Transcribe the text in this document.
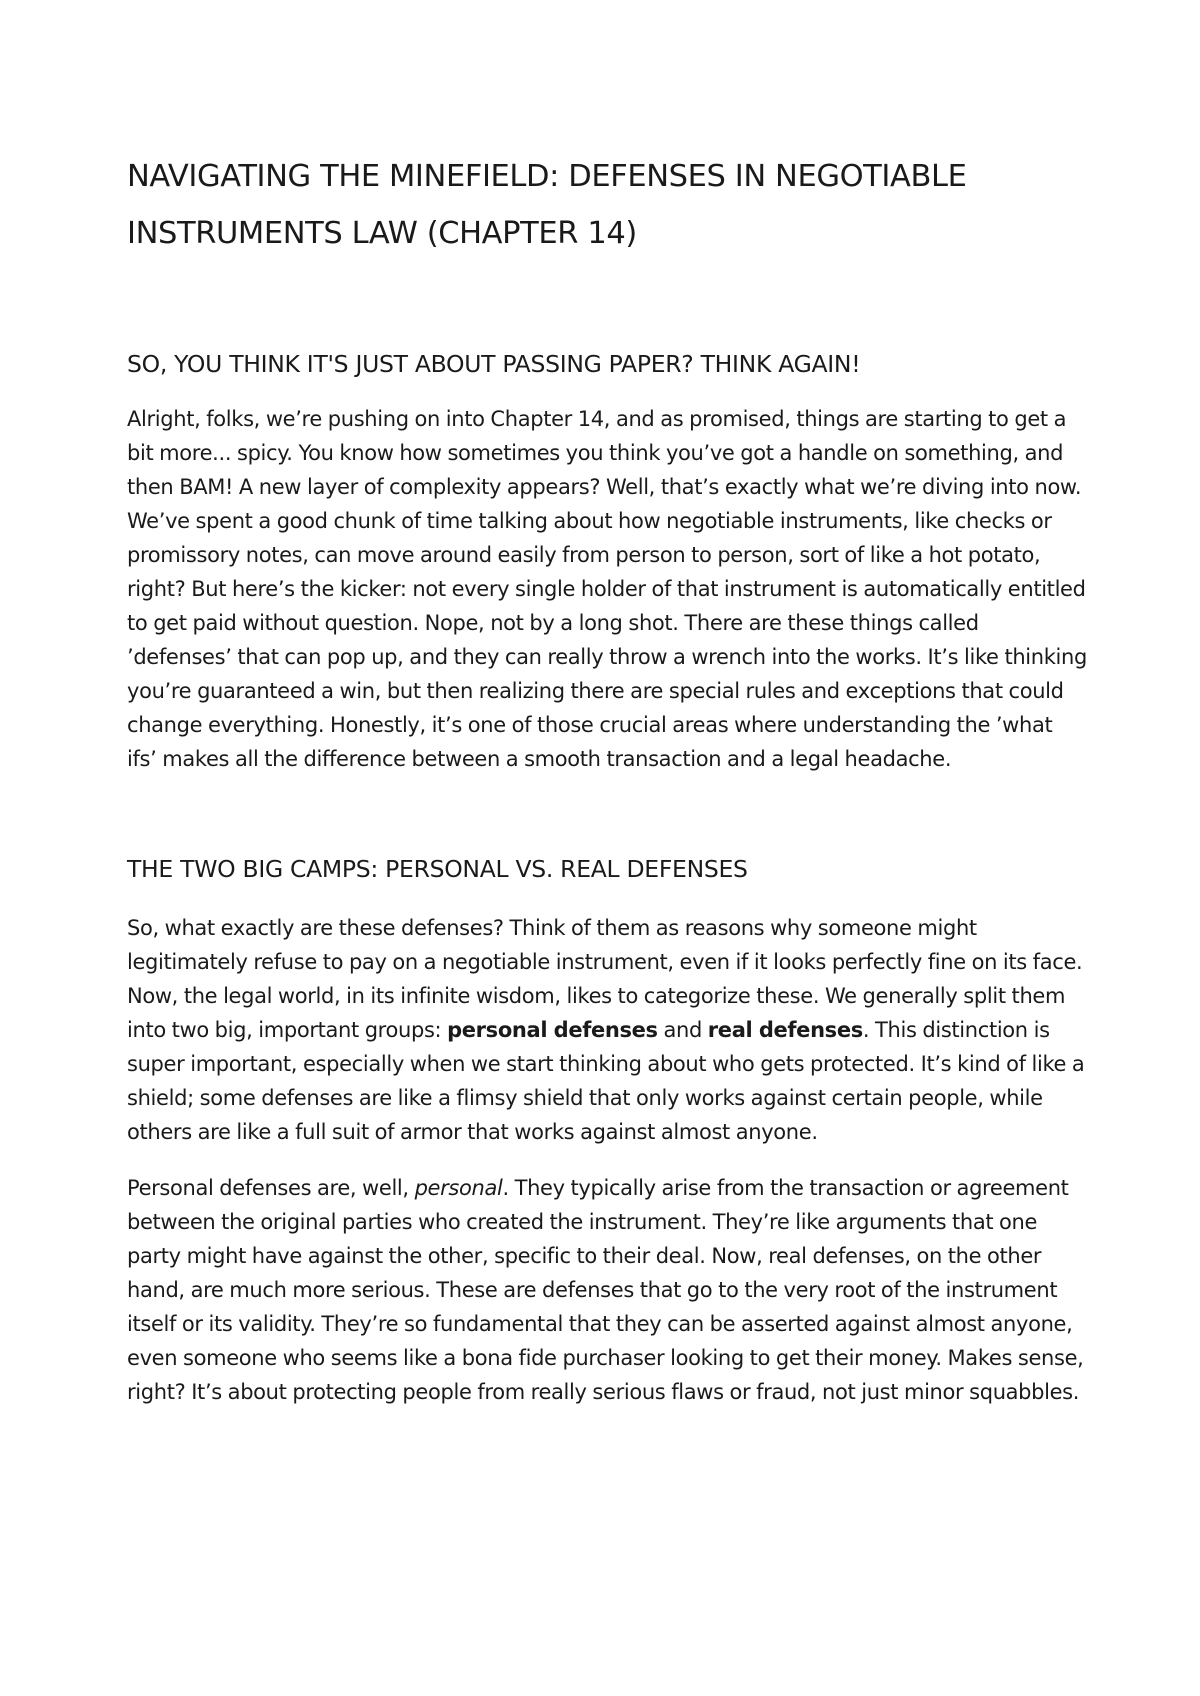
NAVIGATING THE MINEFIELD: DEFENSES IN NEGOTIABLE INSTRUMENTS LAW (CHAPTER 14)
SO, YOU THINK IT'S JUST ABOUT PASSING PAPER? THINK AGAIN!

Alright, folks, we’re pushing on into Chapter 14, and as promised, things are starting to get a bit more... spicy. You know how sometimes you think you’ve got a handle on something, and then BAM! A new layer of complexity appears? Well, that’s exactly what we’re diving into now. We’ve spent a good chunk of time talking about how negotiable instruments, like checks or promissory notes, can move around easily from person to person, sort of like a hot potato, right? But here’s the kicker: not every single holder of that instrument is automatically entitled to get paid without question. Nope, not by a long shot. There are these things called ’defenses’ that can pop up, and they can really throw a wrench into the works. It’s like thinking you’re guaranteed a win, but then realizing there are special rules and exceptions that could change everything. Honestly, it’s one of those crucial areas where understanding the ’what ifs’ makes all the difference between a smooth transaction and a legal headache.

THE TWO BIG CAMPS: PERSONAL VS. REAL DEFENSES

So, what exactly are these defenses? Think of them as reasons why someone might legitimately refuse to pay on a negotiable instrument, even if it looks perfectly fine on its face. Now, the legal world, in its infinite wisdom, likes to categorize these. We generally split them into two big, important groups: personal defenses and real defenses. This distinction is super important, especially when we start thinking about who gets protected. It’s kind of like a shield; some defenses are like a flimsy shield that only works against certain people, while others are like a full suit of armor that works against almost anyone.

Personal defenses are, well, personal. They typically arise from the transaction or agreement between the original parties who created the instrument. They’re like arguments that one party might have against the other, specific to their deal. Now, real defenses, on the other hand, are much more serious. These are defenses that go to the very root of the instrument itself or its validity. They’re so fundamental that they can be asserted against almost anyone, even someone who seems like a bona fide purchaser looking to get their money. Makes sense, right? It’s about protecting people from really serious flaws or fraud, not just minor squabbles.
